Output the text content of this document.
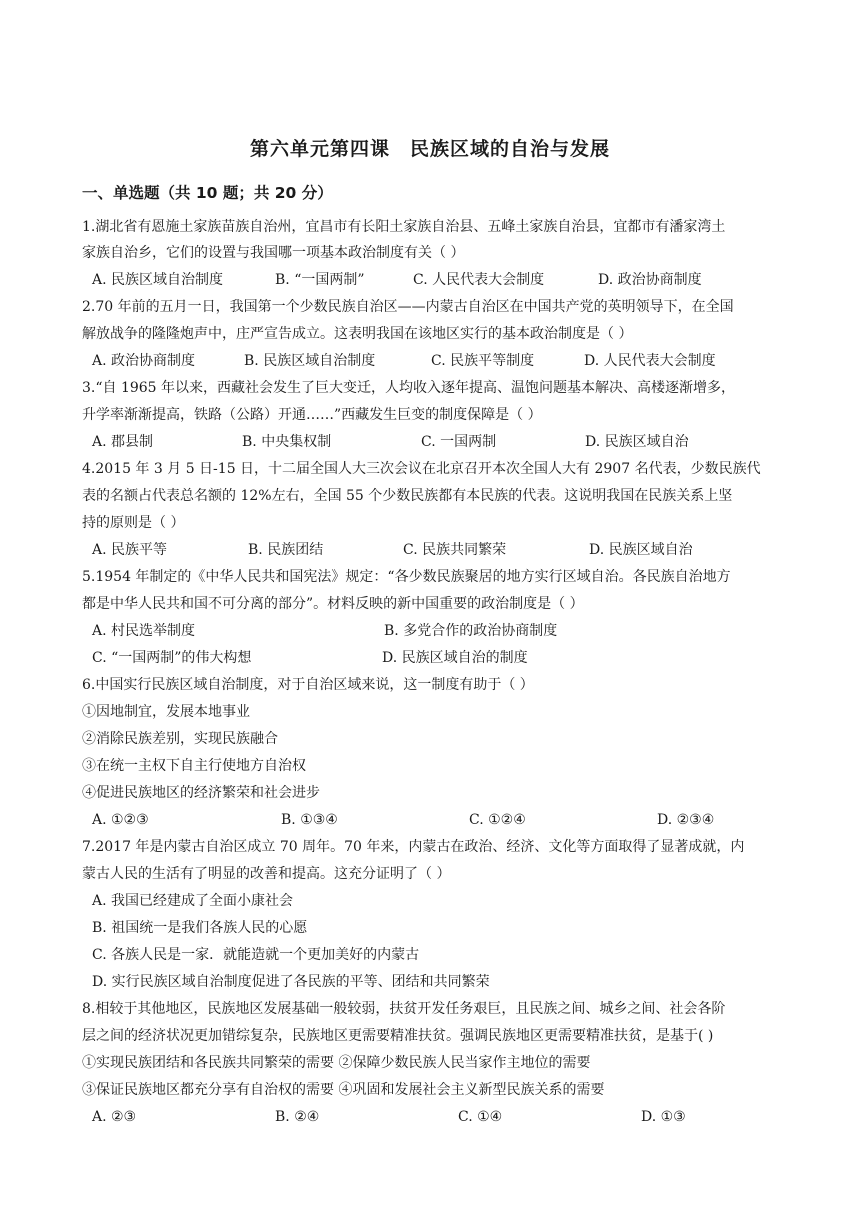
第六单元第四课　民族区域的自治与发展
一、单选题（共 10 题；共 20 分）
1.湖北省有恩施土家族苗族自治州，宜昌市有长阳土家族自治县、五峰土家族自治县，宜都市有潘家湾土
家族自治乡，它们的设置与我国哪一项基本政治制度有关（ ）
A. 民族区域自治制度	B. “一国两制”	C. 人民代表大会制度	D. 政治协商制度
2.70 年前的五月一日，我国第一个少数民族自治区——内蒙古自治区在中国共产党的英明领导下，在全国
解放战争的隆隆炮声中，庄严宣告成立。这表明我国在该地区实行的基本政治制度是（ ）
A. 政治协商制度	B. 民族区域自治制度	C. 民族平等制度	D. 人民代表大会制度
3.“自 1965 年以来，西藏社会发生了巨大变迁，人均收入逐年提高、温饱问题基本解决、高楼逐渐增多，
升学率渐渐提高，铁路（公路）开通……”西藏发生巨变的制度保障是（ ）
A. 郡县制	B. 中央集权制	C. 一国两制	D. 民族区域自治
4.2015 年 3 月 5 日-15 日，十二届全国人大三次会议在北京召开本次全国人大有 2907 名代表，少数民族代
表的名额占代表总名额的 12%左右，全国 55 个少数民族都有本民族的代表。这说明我国在民族关系上坚
持的原则是（ ）
A. 民族平等	B. 民族团结	C. 民族共同繁荣	D. 民族区域自治
5.1954 年制定的《中华人民共和国宪法》规定：“各少数民族聚居的地方实行区域自治。各民族自治地方
都是中华人民共和国不可分离的部分”。材料反映的新中国重要的政治制度是（ ）
A. 村民选举制度	B. 多党合作的政治协商制度
C. “一国两制”的伟大构想	D. 民族区域自治的制度
6.中国实行民族区域自治制度，对于自治区域来说，这一制度有助于（ ）
①因地制宜，发展本地事业
②消除民族差别，实现民族融合
③在统一主权下自主行使地方自治权
④促进民族地区的经济繁荣和社会进步
A. ①②③	B. ①③④	C. ①②④	D. ②③④
7.2017 年是内蒙古自治区成立 70 周年。70 年来，内蒙古在政治、经济、文化等方面取得了显著成就，内
蒙古人民的生活有了明显的改善和提高。这充分证明了（ ）
A. 我国已经建成了全面小康社会
B. 祖国统一是我们各族人民的心愿
C. 各族人民是一家．就能造就一个更加美好的内蒙古
D. 实行民族区域自治制度促进了各民族的平等、团结和共同繁荣
8.相较于其他地区，民族地区发展基础一般较弱，扶贫开发任务艰巨，且民族之间、城乡之间、社会各阶
层之间的经济状况更加错综复杂，民族地区更需要精准扶贫。强调民族地区更需要精准扶贫，是基于( )
①实现民族团结和各民族共同繁荣的需要 ②保障少数民族人民当家作主地位的需要
③保证民族地区都充分享有自治权的需要 ④巩固和发展社会主义新型民族关系的需要
A. ②③	B. ②④	C. ①④	D. ①③
